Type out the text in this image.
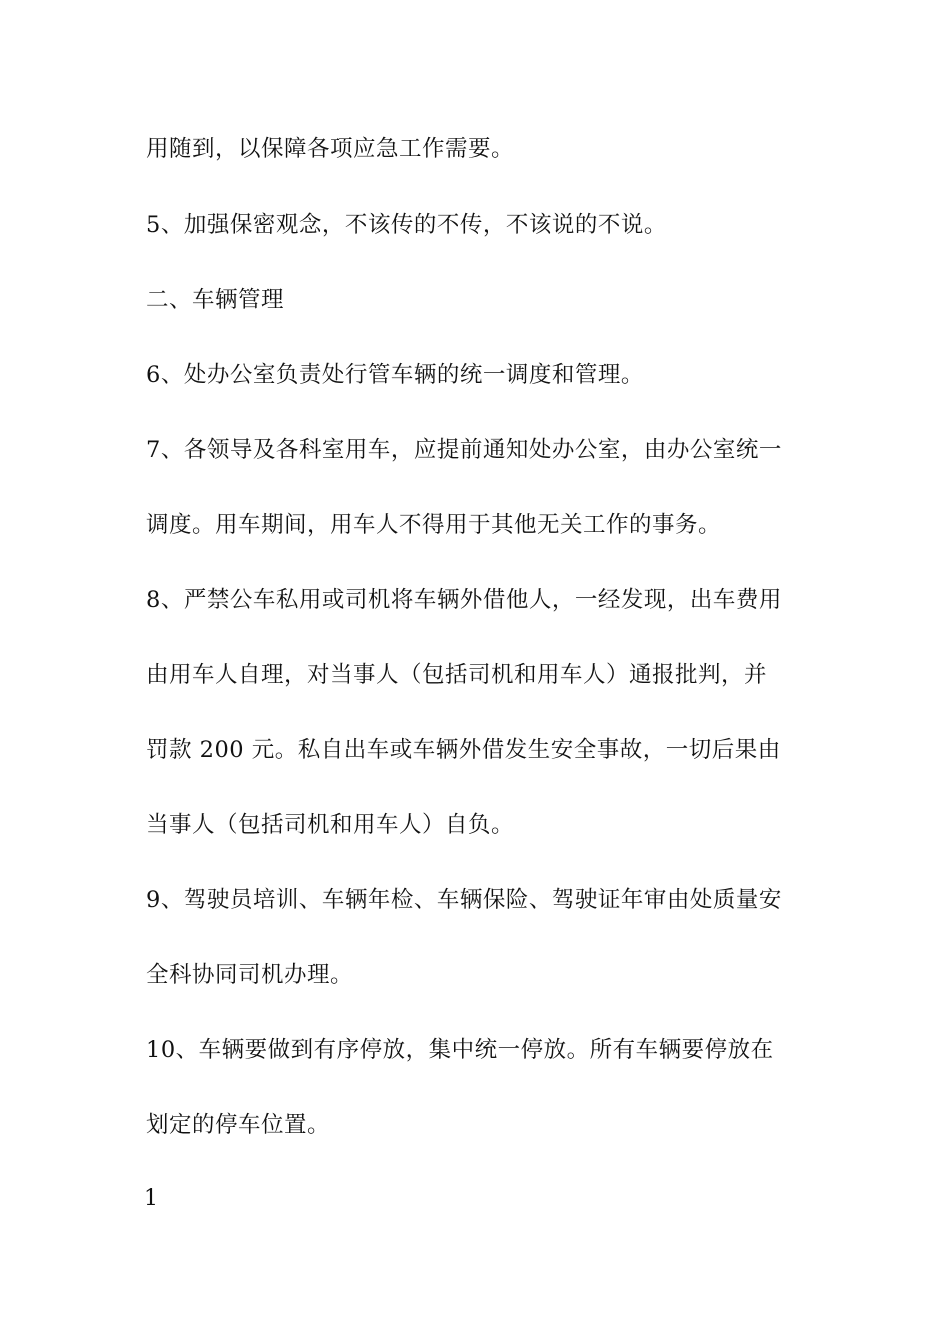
用随到，以保障各项应急工作需要。
5、加强保密观念，不该传的不传，不该说的不说。
二、车辆管理
6、处办公室负责处行管车辆的统一调度和管理。
7、各领导及各科室用车，应提前通知处办公室，由办公室统一
调度。用车期间，用车人不得用于其他无关工作的事务。
8、严禁公车私用或司机将车辆外借他人，一经发现，出车费用
由用车人自理，对当事人（包括司机和用车人）通报批判，并
罚款 200 元。私自出车或车辆外借发生安全事故，一切后果由
当事人（包括司机和用车人）自负。
9、驾驶员培训、车辆年检、车辆保险、驾驶证年审由处质量安
全科协同司机办理。
10、车辆要做到有序停放，集中统一停放。所有车辆要停放在
划定的停车位置。
1
